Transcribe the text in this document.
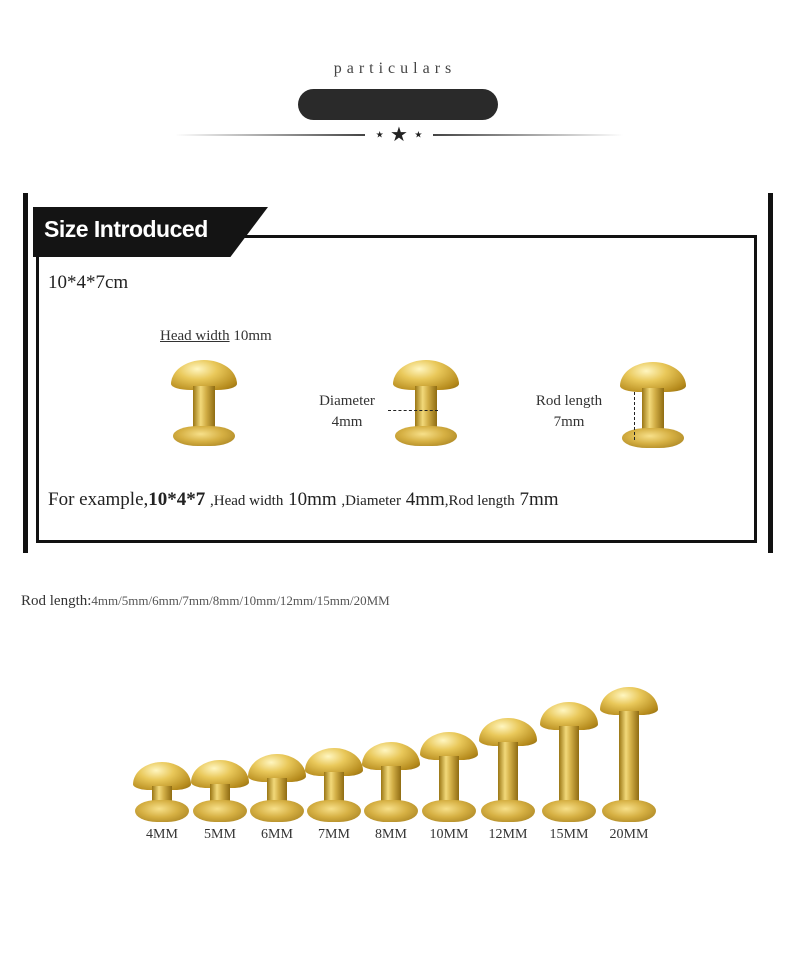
particulars
★ ★ ★
Size Introduced
10*4*7cm
Head width 10mm
Diameter
4mm
Rod length
7mm
For example,10*4*7 ,Head width 10mm ,Diameter 4mm,Rod length 7mm
Rod length:4mm/5mm/6mm/7mm/8mm/10mm/12mm/15mm/20MM
4MM	5MM	6MM	7MM	8MM	10MM	12MM	15MM	20MM
